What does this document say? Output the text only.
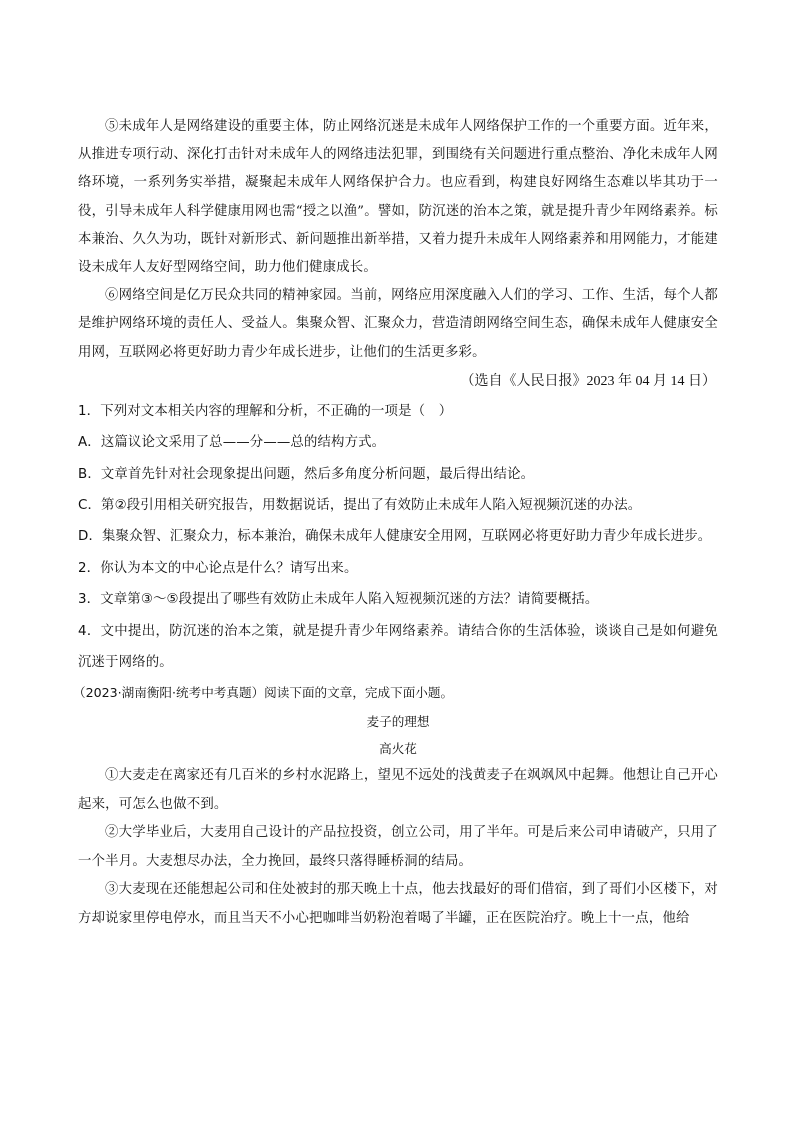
⑤未成年人是网络建设的重要主体，防止网络沉迷是未成年人网络保护工作的一个重要方面。近年来，从推进专项行动、深化打击针对未成年人的网络违法犯罪，到围绕有关问题进行重点整治、净化未成年人网络环境，一系列务实举措，凝聚起未成年人网络保护合力。也应看到，构建良好网络生态难以毕其功于一役，引导未成年人科学健康用网也需“授之以渔”。譬如，防沉迷的治本之策，就是提升青少年网络素养。标本兼治、久久为功，既针对新形式、新问题推出新举措，又着力提升未成年人网络素养和用网能力，才能建设未成年人友好型网络空间，助力他们健康成长。

⑥网络空间是亿万民众共同的精神家园。当前，网络应用深度融入人们的学习、工作、生活，每个人都是维护网络环境的责任人、受益人。集聚众智、汇聚众力，营造清朗网络空间生态，确保未成年人健康安全用网，互联网必将更好助力青少年成长进步，让他们的生活更多彩。

（选自《人民日报》2023 年 04 月 14 日）

1．下列对文本相关内容的理解和分析，不正确的一项是（　）

A．这篇议论文采用了总——分——总的结构方式。

B．文章首先针对社会现象提出问题，然后多角度分析问题，最后得出结论。

C．第②段引用相关研究报告，用数据说话，提出了有效防止未成年人陷入短视频沉迷的办法。

D．集聚众智、汇聚众力，标本兼治，确保未成年人健康安全用网，互联网必将更好助力青少年成长进步。

2．你认为本文的中心论点是什么？请写出来。

3．文章第③～⑤段提出了哪些有效防止未成年人陷入短视频沉迷的方法？请简要概括。

4．文中提出，防沉迷的治本之策，就是提升青少年网络素养。请结合你的生活体验，谈谈自己是如何避免沉迷于网络的。

（2023·湖南衡阳·统考中考真题）阅读下面的文章，完成下面小题。

麦子的理想

高火花

①大麦走在离家还有几百米的乡村水泥路上，望见不远处的浅黄麦子在飒飒风中起舞。他想让自己开心起来，可怎么也做不到。

②大学毕业后，大麦用自己设计的产品拉投资，创立公司，用了半年。可是后来公司申请破产，只用了一个半月。大麦想尽办法，全力挽回，最终只落得睡桥洞的结局。

③大麦现在还能想起公司和住处被封的那天晚上十点，他去找最好的哥们借宿，到了哥们小区楼下，对方却说家里停电停水，而且当天不小心把咖啡当奶粉泡着喝了半罐，正在医院治疗。晚上十一点，他给
